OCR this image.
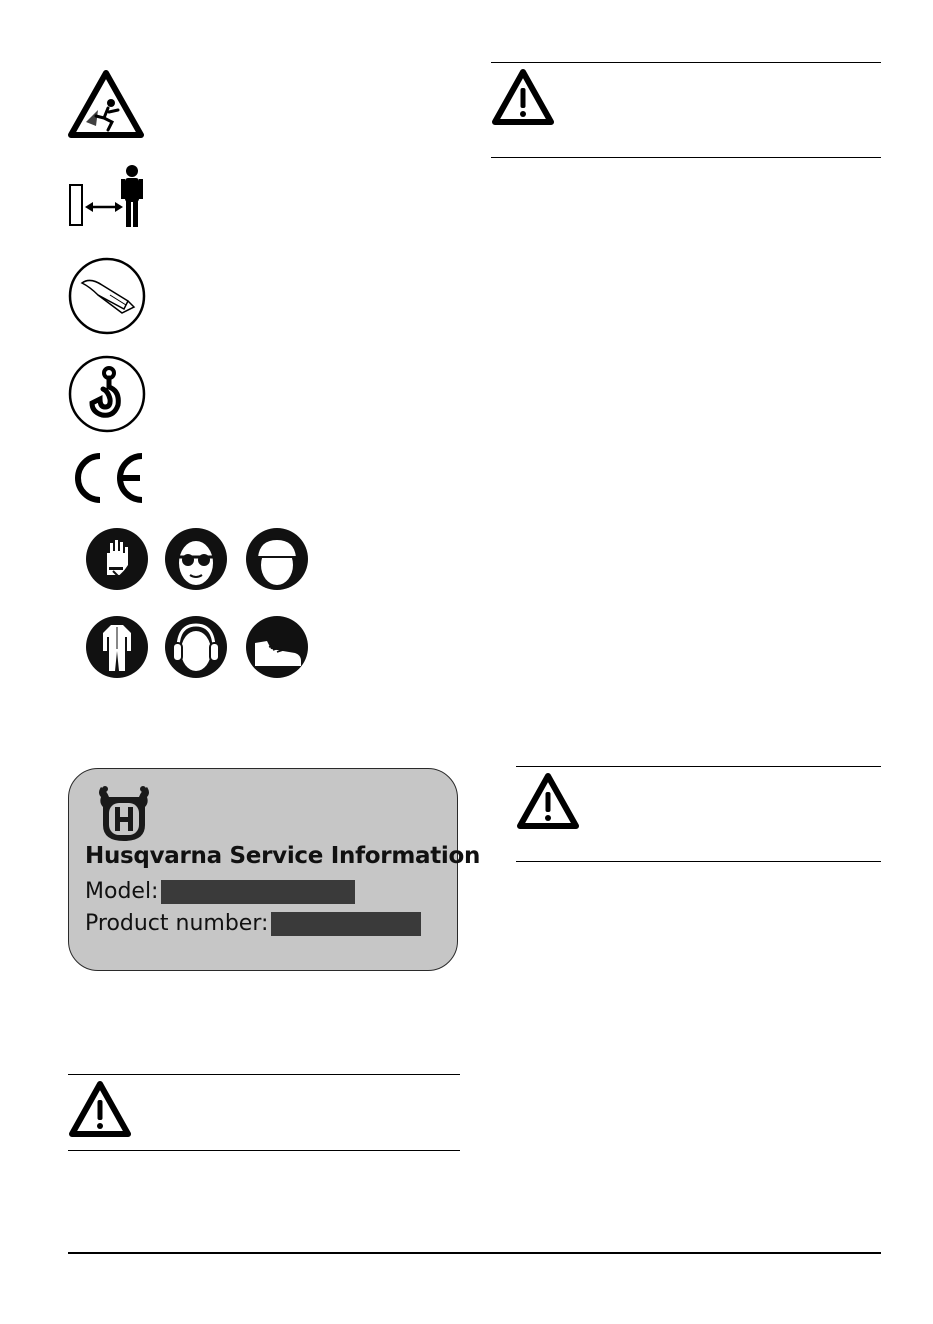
Husqvarna Service Information
Model:
Product number:
